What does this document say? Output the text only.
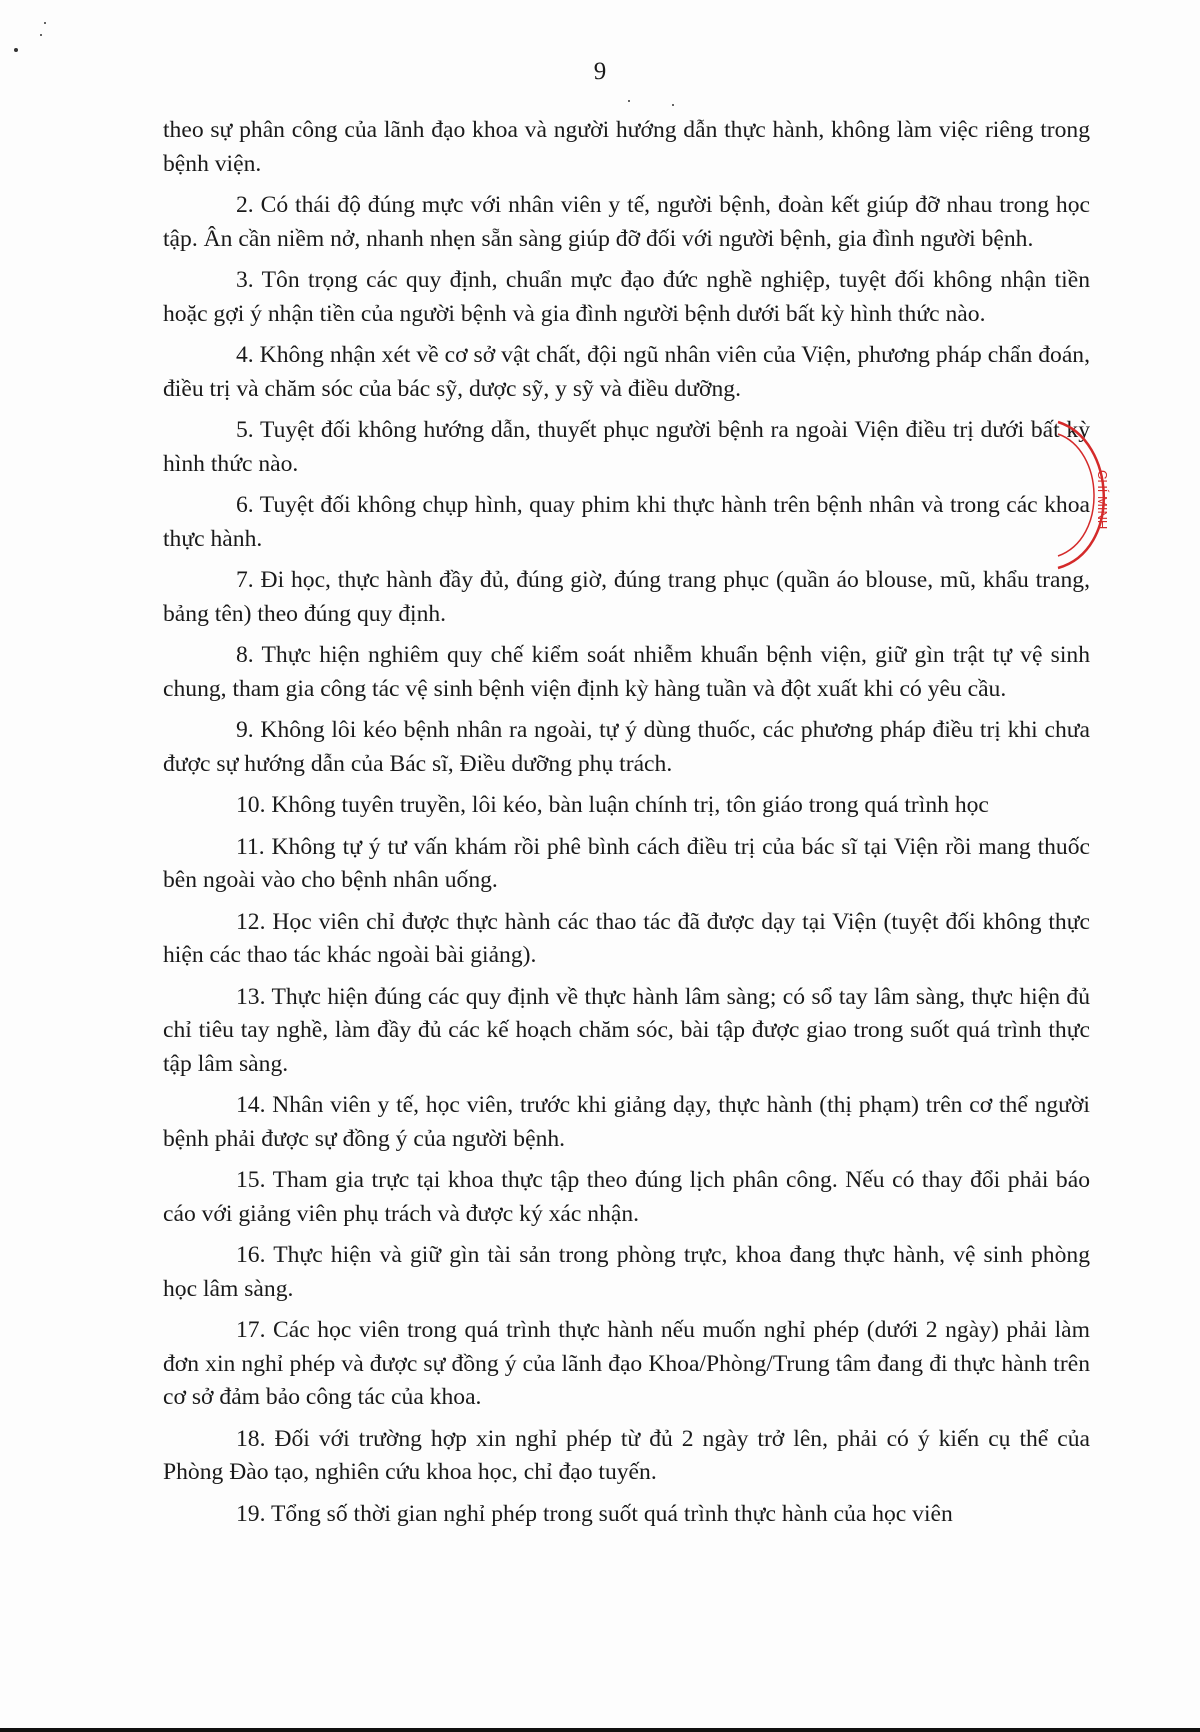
9

theo sự phân công của lãnh đạo khoa và người hướng dẫn thực hành, không làm việc riêng trong bệnh viện.

2. Có thái độ đúng mực với nhân viên y tế, người bệnh, đoàn kết giúp đỡ nhau trong học tập. Ân cần niềm nở, nhanh nhẹn sẵn sàng giúp đỡ đối với người bệnh, gia đình người bệnh.

3. Tôn trọng các quy định, chuẩn mực đạo đức nghề nghiệp, tuyệt đối không nhận tiền hoặc gợi ý nhận tiền của người bệnh và gia đình người bệnh dưới bất kỳ hình thức nào.

4. Không nhận xét về cơ sở vật chất, đội ngũ nhân viên của Viện, phương pháp chẩn đoán, điều trị và chăm sóc của bác sỹ, dược sỹ, y sỹ và điều dưỡng.

5. Tuyệt đối không hướng dẫn, thuyết phục người bệnh ra ngoài Viện điều trị dưới bất kỳ hình thức nào.

6. Tuyệt đối không chụp hình, quay phim khi thực hành trên bệnh nhân và trong các khoa thực hành.

7. Đi học, thực hành đầy đủ, đúng giờ, đúng trang phục (quần áo blouse, mũ, khẩu trang, bảng tên) theo đúng quy định.

8. Thực hiện nghiêm quy chế kiểm soát nhiễm khuẩn bệnh viện, giữ gìn trật tự vệ sinh chung, tham gia công tác vệ sinh bệnh viện định kỳ hàng tuần và đột xuất khi có yêu cầu.

9. Không lôi kéo bệnh nhân ra ngoài, tự ý dùng thuốc, các phương pháp điều trị khi chưa được sự hướng dẫn của Bác sĩ, Điều dưỡng phụ trách.

10. Không tuyên truyền, lôi kéo, bàn luận chính trị, tôn giáo trong quá trình học

11. Không tự ý tư vấn khám rồi phê bình cách điều trị của bác sĩ tại Viện rồi mang thuốc bên ngoài vào cho bệnh nhân uống.

12. Học viên chỉ được thực hành các thao tác đã được dạy tại Viện (tuyệt đối không thực hiện các thao tác khác ngoài bài giảng).

13. Thực hiện đúng các quy định về thực hành lâm sàng; có sổ tay lâm sàng, thực hiện đủ chỉ tiêu tay nghề, làm đầy đủ các kế hoạch chăm sóc, bài tập được giao trong suốt quá trình thực tập lâm sàng.

14. Nhân viên y tế, học viên, trước khi giảng dạy, thực hành (thị phạm) trên cơ thể người bệnh phải được sự đồng ý của người bệnh.

15. Tham gia trực tại khoa thực tập theo đúng lịch phân công. Nếu có thay đổi phải báo cáo với giảng viên phụ trách và được ký xác nhận.

16. Thực hiện và giữ gìn tài sản trong phòng trực, khoa đang thực hành, vệ sinh phòng học lâm sàng.

17. Các học viên trong quá trình thực hành nếu muốn nghỉ phép (dưới 2 ngày) phải làm đơn xin nghỉ phép và được sự đồng ý của lãnh đạo Khoa/Phòng/Trung tâm đang đi thực hành trên cơ sở đảm bảo công tác của khoa.

18. Đối với trường hợp xin nghỉ phép từ đủ 2 ngày trở lên, phải có ý kiến cụ thể của Phòng Đào tạo, nghiên cứu khoa học, chỉ đạo tuyến.

19. Tổng số thời gian nghỉ phép trong suốt quá trình thực hành của học viên

CHÍ MINH
